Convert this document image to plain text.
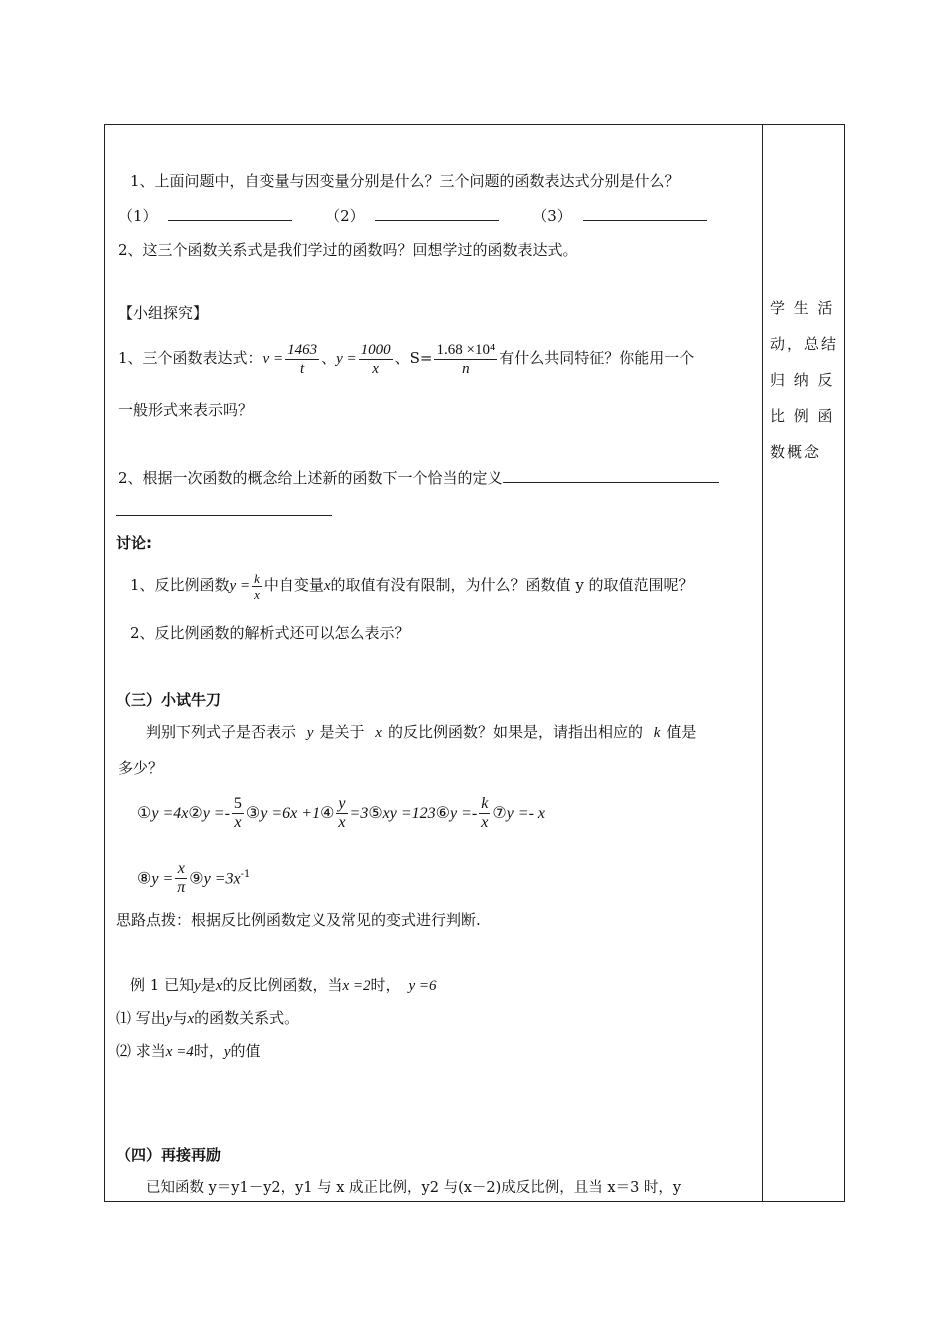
1、上面问题中，自变量与因变量分别是什么？三个问题的函数表达式分别是什么？
（1）	（2）	（3）
2、这三个函数关系式是我们学过的函数吗？回想学过的函数表达式。
【小组探究】
1、三个函数表达式：$v = \frac{1463}{t}$ 、$y = \frac{1000}{x}$ 、$S= \frac{\text{1.68 ×10⁴}}{n}$ 有什么共同特征？你能用一个
一般形式来表示吗？
2、根据一次函数的概念给上述新的函数下一个恰当的定义
讨论:
1、反比例函数$y = \frac{k}{x}$ 中自变量x的取值有没有限制，为什么？函数值 y 的取值范围呢？
2、反比例函数的解析式还可以怎么表示？
（三）小试牛刀
判别下列式子是否表示 y 是关于 x 的反比例函数？如果是，请指出相应的 k 值是
多少？
①y =4x②y =- $\frac{5}{x}$ ③y =6x +1④ $\frac{y}{x}$ =3⑤xy =123⑥y =- $\frac{k}{x}$ ⑦y =- x
⑧y = $\frac{x}{\pi}$ ⑨y $=3x^{-1}$
思路点拨：根据反比例函数定义及常见的变式进行判断.
例 1 已知y是x的反比例函数，当x =2时， y =6
⑴ 写出y与x的函数关系式。
⑵ 求当x =4时，y的值
（四）再接再励
已知函数 y＝y1－y2，y1 与 x 成正比例，y2 与(x－2)成反比例，且当 x＝3 时，y
学 生 活
动，总结
归 纳 反
比 例 函
数概念
